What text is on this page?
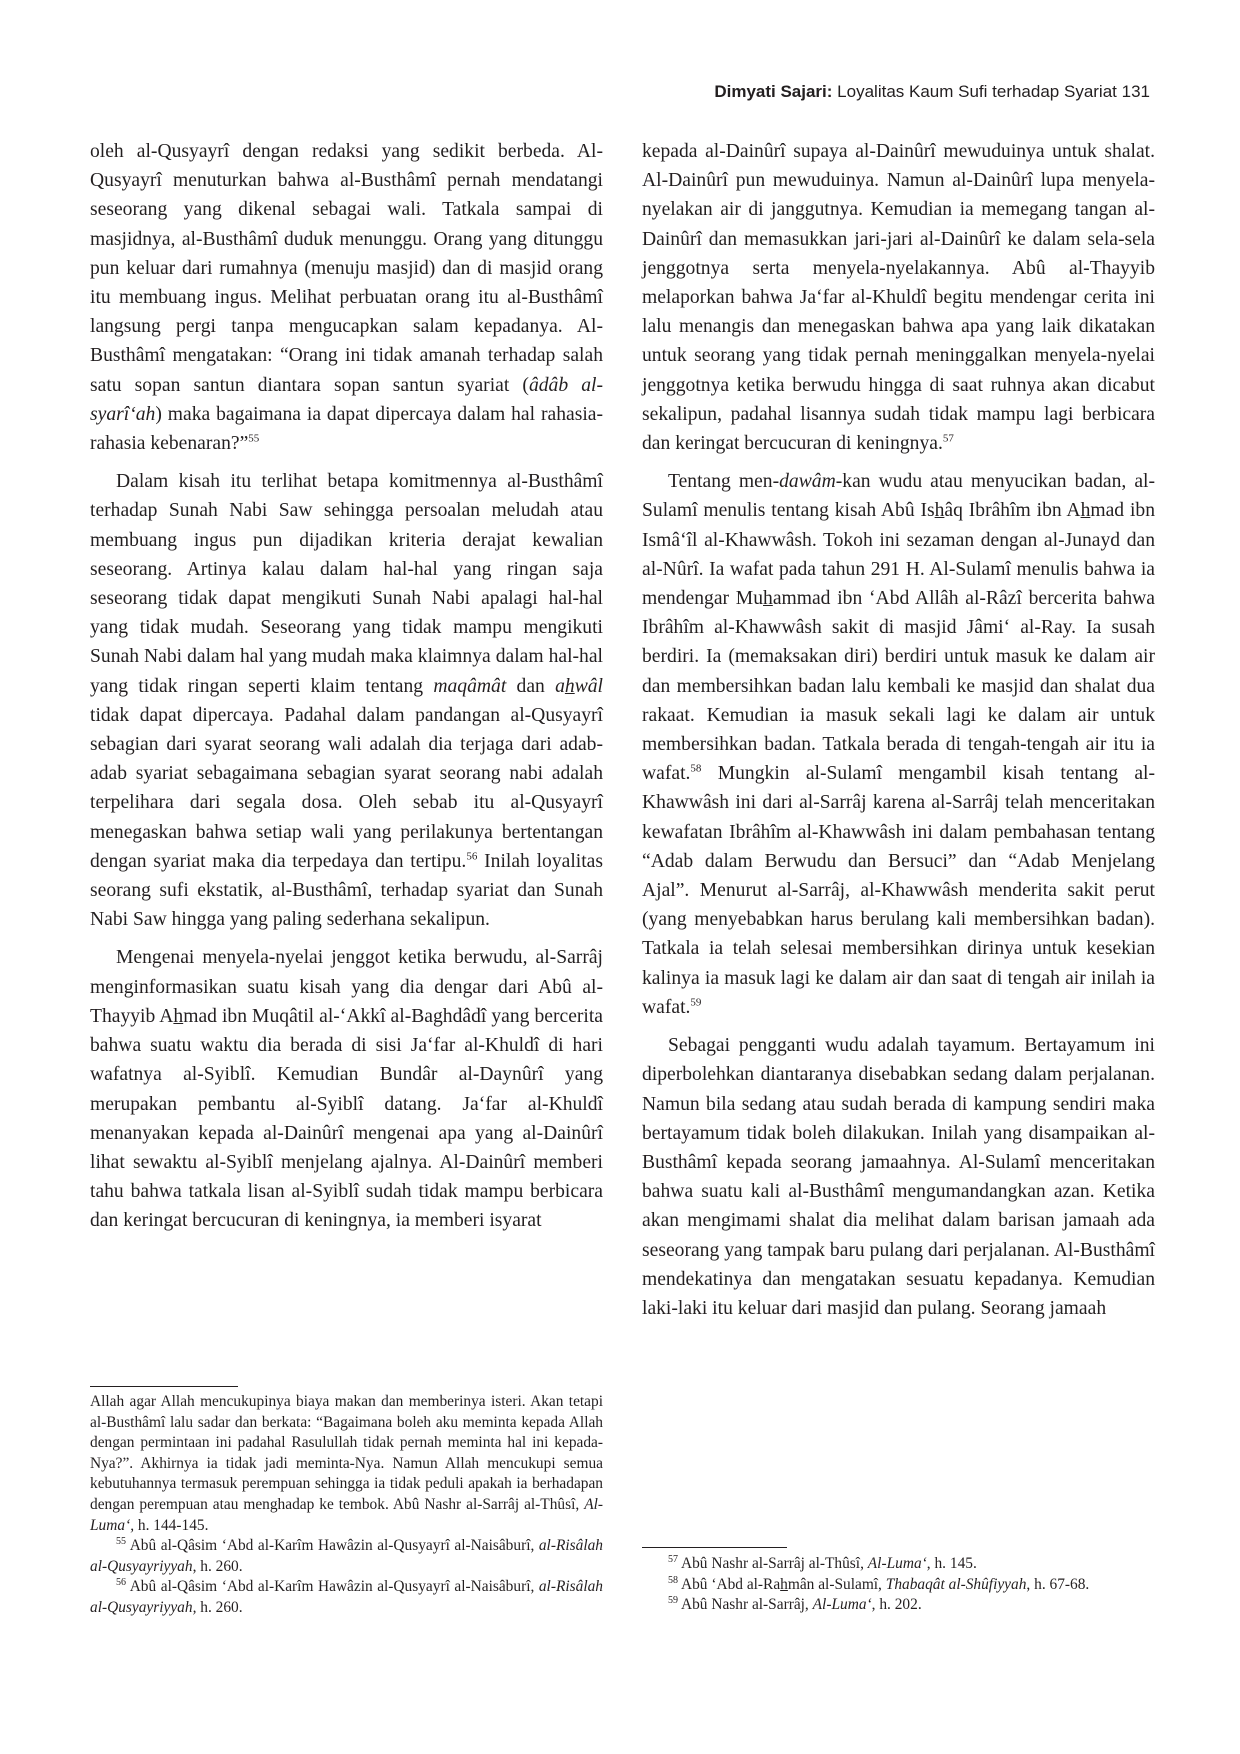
Dimyati Sajari: Loyalitas Kaum Sufi terhadap Syariat 131

oleh al-Qusyayrî dengan redaksi yang sedikit berbeda. Al-Qusyayrî menuturkan bahwa al-Busthâmî pernah mendatangi seseorang yang dikenal sebagai wali. Tatkala sampai di masjidnya, al-Busthâmî duduk menunggu. Orang yang ditunggu pun keluar dari rumahnya (menuju masjid) dan di masjid orang itu membuang ingus. Melihat perbuatan orang itu al-Busthâmî langsung pergi tanpa mengucapkan salam kepadanya. Al-Busthâmî mengatakan: “Orang ini tidak amanah terhadap salah satu sopan santun diantara sopan santun syariat (âdâb al-syarî‘ah) maka bagaimana ia dapat dipercaya dalam hal rahasia-rahasia kebenaran?”$^{55}$

Dalam kisah itu terlihat betapa komitmennya al-Busthâmî terhadap Sunah Nabi Saw sehingga persoalan meludah atau membuang ingus pun dijadikan kriteria derajat kewalian seseorang. Artinya kalau dalam hal-hal yang ringan saja seseorang tidak dapat mengikuti Sunah Nabi apalagi hal-hal yang tidak mudah. Seseorang yang tidak mampu mengikuti Sunah Nabi dalam hal yang mudah maka klaimnya dalam hal-hal yang tidak ringan seperti klaim tentang maqâmât dan ahwâl tidak dapat dipercaya. Padahal dalam pandangan al-Qusyayrî sebagian dari syarat seorang wali adalah dia terjaga dari adab-adab syariat sebagaimana sebagian syarat seorang nabi adalah terpelihara dari segala dosa. Oleh sebab itu al-Qusyayrî menegaskan bahwa setiap wali yang perilakunya bertentangan dengan syariat maka dia terpedaya dan tertipu.$^{56}$ Inilah loyalitas seorang sufi ekstatik, al-Busthâmî, terhadap syariat dan Sunah Nabi Saw hingga yang paling sederhana sekalipun.

Mengenai menyela-nyelai jenggot ketika berwudu, al-Sarrâj menginformasikan suatu kisah yang dia dengar dari Abû al-Thayyib Ahmad ibn Muqâtil al-‘Akkî al-Baghdâdî yang bercerita bahwa suatu waktu dia berada di sisi Ja‘far al-Khuldî di hari wafatnya al-Syiblî. Kemudian Bundâr al-Daynûrî yang merupakan pembantu al-Syiblî datang. Ja‘far al-Khuldî menanyakan kepada al-Dainûrî mengenai apa yang al-Dainûrî lihat sewaktu al-Syiblî menjelang ajalnya. Al-Dainûrî memberi tahu bahwa tatkala lisan al-Syiblî sudah tidak mampu berbicara dan keringat bercucuran di keningnya, ia memberi isyarat

Allah agar Allah mencukupinya biaya makan dan memberinya isteri. Akan tetapi al-Busthâmî lalu sadar dan berkata: “Bagaimana boleh aku meminta kepada Allah dengan permintaan ini padahal Rasulullah tidak pernah meminta hal ini kepada-Nya?”. Akhirnya ia tidak jadi meminta-Nya. Namun Allah mencukupi semua kebutuhannya termasuk perempuan sehingga ia tidak peduli apakah ia berhadapan dengan perempuan atau menghadap ke tembok. Abû Nashr al-Sarrâj al-Thûsî, Al-Luma‘, h. 144-145.

$^{55}$ Abû al-Qâsim ‘Abd al-Karîm Hawâzin al-Qusyayrî al-Naisâburî, al-Risâlah al-Qusyayriyyah, h. 260.

$^{56}$ Abû al-Qâsim ‘Abd al-Karîm Hawâzin al-Qusyayrî al-Naisâburî, al-Risâlah al-Qusyayriyyah, h. 260.

kepada al-Dainûrî supaya al-Dainûrî mewuduinya untuk shalat. Al-Dainûrî pun mewuduinya. Namun al-Dainûrî lupa menyela-nyelakan air di janggutnya. Kemudian ia memegang tangan al-Dainûrî dan memasukkan jari-jari al-Dainûrî ke dalam sela-sela jenggotnya serta menyela-nyelakannya. Abû al-Thayyib melaporkan bahwa Ja‘far al-Khuldî begitu mendengar cerita ini lalu menangis dan menegaskan bahwa apa yang laik dikatakan untuk seorang yang tidak pernah meninggalkan menyela-nyelai jenggotnya ketika berwudu hingga di saat ruhnya akan dicabut sekalipun, padahal lisannya sudah tidak mampu lagi berbicara dan keringat bercucuran di keningnya.$^{57}$

Tentang men-dawâm-kan wudu atau menyucikan badan, al-Sulamî menulis tentang kisah Abû Ishâq Ibrâhîm ibn Ahmad ibn Ismâ‘îl al-Khawwâsh. Tokoh ini sezaman dengan al-Junayd dan al-Nûrî. Ia wafat pada tahun 291 H. Al-Sulamî menulis bahwa ia mendengar Muhammad ibn ‘Abd Allâh al-Râzî bercerita bahwa Ibrâhîm al-Khawwâsh sakit di masjid Jâmi‘ al-Ray. Ia susah berdiri. Ia (memaksakan diri) berdiri untuk masuk ke dalam air dan membersihkan badan lalu kembali ke masjid dan shalat dua rakaat. Kemudian ia masuk sekali lagi ke dalam air untuk membersihkan badan. Tatkala berada di tengah-tengah air itu ia wafat.$^{58}$ Mungkin al-Sulamî mengambil kisah tentang al-Khawwâsh ini dari al-Sarrâj karena al-Sarrâj telah menceritakan kewafatan Ibrâhîm al-Khawwâsh ini dalam pembahasan tentang “Adab dalam Berwudu dan Bersuci” dan “Adab Menjelang Ajal”. Menurut al-Sarrâj, al-Khawwâsh menderita sakit perut (yang menyebabkan harus berulang kali membersihkan badan). Tatkala ia telah selesai membersihkan dirinya untuk kesekian kalinya ia masuk lagi ke dalam air dan saat di tengah air inilah ia wafat.$^{59}$

Sebagai pengganti wudu adalah tayamum. Bertayamum ini diperbolehkan diantaranya disebabkan sedang dalam perjalanan. Namun bila sedang atau sudah berada di kampung sendiri maka bertayamum tidak boleh dilakukan. Inilah yang disampaikan al-Busthâmî kepada seorang jamaahnya. Al-Sulamî menceritakan bahwa suatu kali al-Busthâmî mengumandangkan azan. Ketika akan mengimami shalat dia melihat dalam barisan jamaah ada seseorang yang tampak baru pulang dari perjalanan. Al-Busthâmî mendekatinya dan mengatakan sesuatu kepadanya. Kemudian laki-laki itu keluar dari masjid dan pulang. Seorang jamaah

$^{57}$ Abû Nashr al-Sarrâj al-Thûsî, Al-Luma‘, h. 145.

$^{58}$ Abû ‘Abd al-Rahmân al-Sulamî, Thabaqât al-Shûfiyyah, h. 67-68.

$^{59}$ Abû Nashr al-Sarrâj, Al-Luma‘, h. 202.
